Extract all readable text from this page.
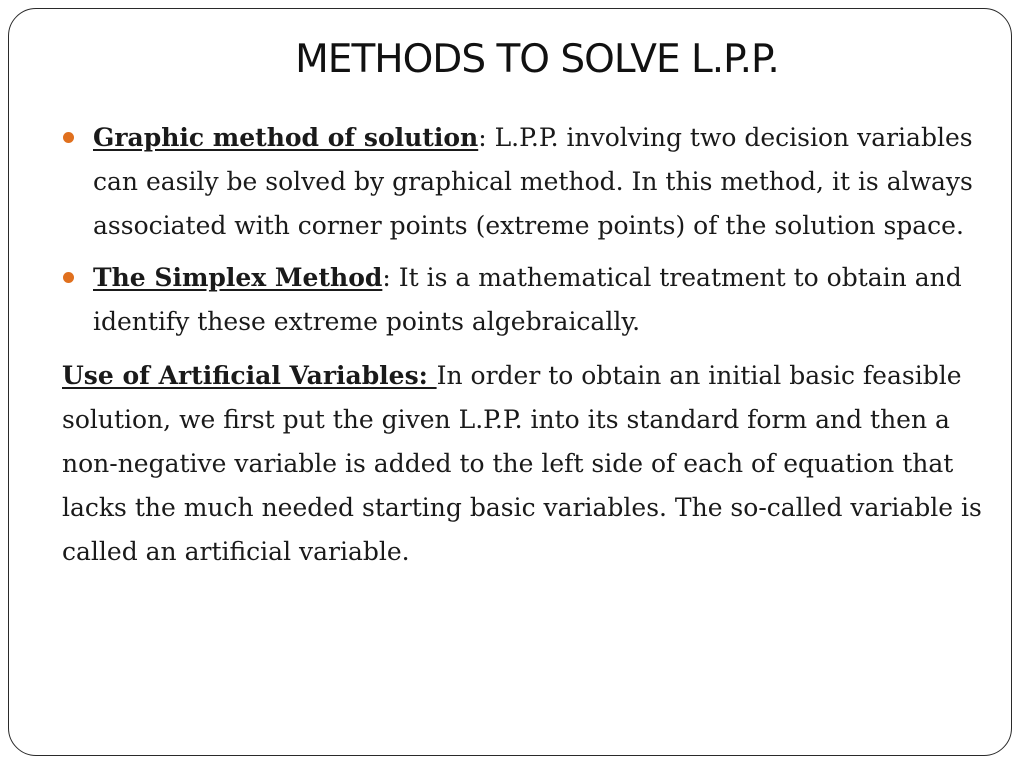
METHODS TO SOLVE L.P.P.
Graphic method of solution: L.P.P. involving two decision variables can easily be solved by graphical method. In this method, it is always associated with corner points (extreme points) of the solution space.
The Simplex Method: It is a mathematical treatment to obtain and identify these extreme points algebraically.
Use of Artificial Variables: In order to obtain an initial basic feasible solution, we first put the given L.P.P. into its standard form and then a non-negative variable is added to the left side of each of equation that lacks the much needed starting basic variables. The so-called variable is called an artificial variable.
